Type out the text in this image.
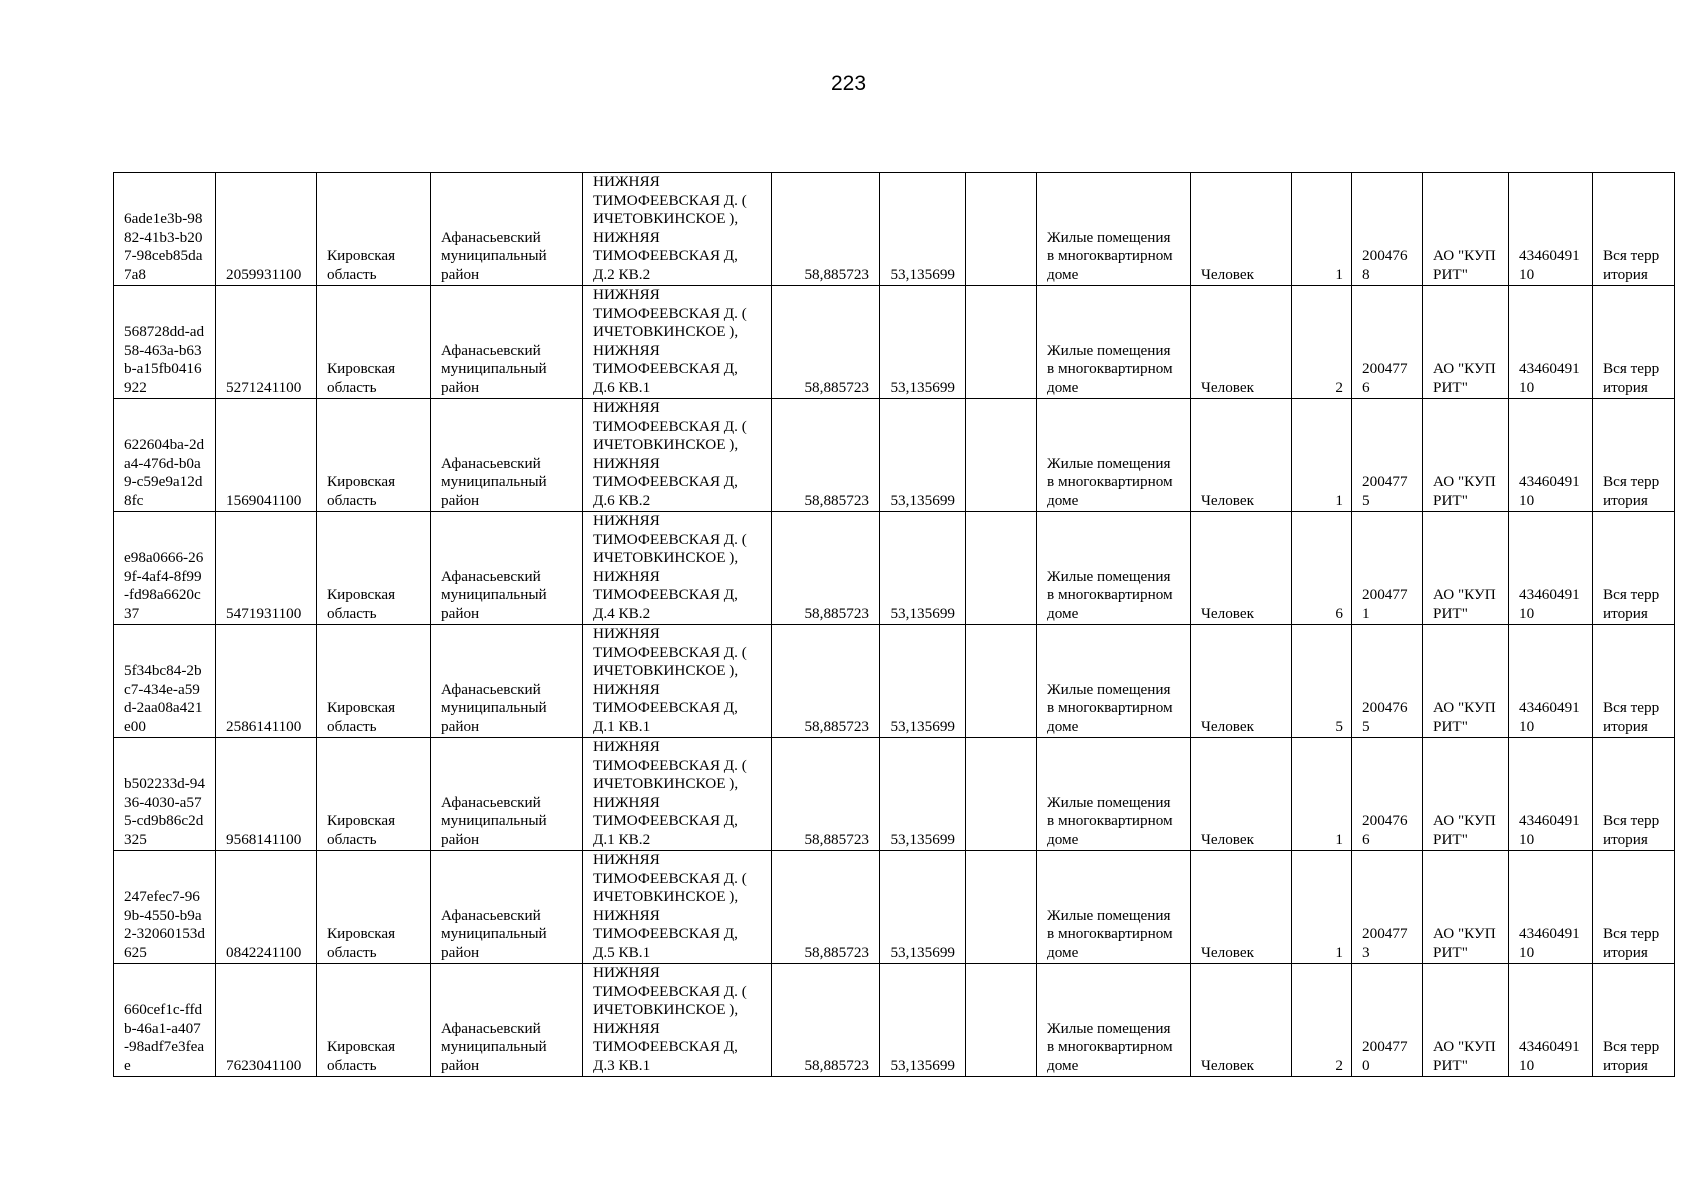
223
6ade1e3b-9882-41b3-b207-98ceb85da7a8	2059931100	Кировская область	Афанасьевский муниципальный район	НИЖНЯЯ ТИМОФЕЕВСКАЯ Д. ( ИЧЕТОВКИНСКОЕ ), НИЖНЯЯ ТИМОФЕЕВСКАЯ Д, Д.2 КВ.2	58,885723	53,135699		Жилые помещения в многоквартирном доме	Человек	1	2004768	АО "КУПРИТ"	4346049110	Вся территория
568728dd-ad58-463a-b63b-a15fb0416922	5271241100	Кировская область	Афанасьевский муниципальный район	НИЖНЯЯ ТИМОФЕЕВСКАЯ Д. ( ИЧЕТОВКИНСКОЕ ), НИЖНЯЯ ТИМОФЕЕВСКАЯ Д, Д.6 КВ.1	58,885723	53,135699		Жилые помещения в многоквартирном доме	Человек	2	2004776	АО "КУПРИТ"	4346049110	Вся территория
622604ba-2da4-476d-b0a9-c59e9a12d8fc	1569041100	Кировская область	Афанасьевский муниципальный район	НИЖНЯЯ ТИМОФЕЕВСКАЯ Д. ( ИЧЕТОВКИНСКОЕ ), НИЖНЯЯ ТИМОФЕЕВСКАЯ Д, Д.6 КВ.2	58,885723	53,135699		Жилые помещения в многоквартирном доме	Человек	1	2004775	АО "КУПРИТ"	4346049110	Вся территория
e98a0666-269f-4af4-8f99-fd98a6620c37	5471931100	Кировская область	Афанасьевский муниципальный район	НИЖНЯЯ ТИМОФЕЕВСКАЯ Д. ( ИЧЕТОВКИНСКОЕ ), НИЖНЯЯ ТИМОФЕЕВСКАЯ Д, Д.4 КВ.2	58,885723	53,135699		Жилые помещения в многоквартирном доме	Человек	6	2004771	АО "КУПРИТ"	4346049110	Вся территория
5f34bc84-2bc7-434e-a59d-2aa08a421e00	2586141100	Кировская область	Афанасьевский муниципальный район	НИЖНЯЯ ТИМОФЕЕВСКАЯ Д. ( ИЧЕТОВКИНСКОЕ ), НИЖНЯЯ ТИМОФЕЕВСКАЯ Д, Д.1 КВ.1	58,885723	53,135699		Жилые помещения в многоквартирном доме	Человек	5	2004765	АО "КУПРИТ"	4346049110	Вся территория
b502233d-9436-4030-a575-cd9b86c2d325	9568141100	Кировская область	Афанасьевский муниципальный район	НИЖНЯЯ ТИМОФЕЕВСКАЯ Д. ( ИЧЕТОВКИНСКОЕ ), НИЖНЯЯ ТИМОФЕЕВСКАЯ Д, Д.1 КВ.2	58,885723	53,135699		Жилые помещения в многоквартирном доме	Человек	1	2004766	АО "КУПРИТ"	4346049110	Вся территория
247efec7-969b-4550-b9a2-32060153d625	0842241100	Кировская область	Афанасьевский муниципальный район	НИЖНЯЯ ТИМОФЕЕВСКАЯ Д. ( ИЧЕТОВКИНСКОЕ ), НИЖНЯЯ ТИМОФЕЕВСКАЯ Д, Д.5 КВ.1	58,885723	53,135699		Жилые помещения в многоквартирном доме	Человек	1	2004773	АО "КУПРИТ"	4346049110	Вся территория
660cef1c-ffdb-46a1-a407-98adf7e3feae	7623041100	Кировская область	Афанасьевский муниципальный район	НИЖНЯЯ ТИМОФЕЕВСКАЯ Д. ( ИЧЕТОВКИНСКОЕ ), НИЖНЯЯ ТИМОФЕЕВСКАЯ Д, Д.3 КВ.1	58,885723	53,135699		Жилые помещения в многоквартирном доме	Человек	2	2004770	АО "КУПРИТ"	4346049110	Вся территория
